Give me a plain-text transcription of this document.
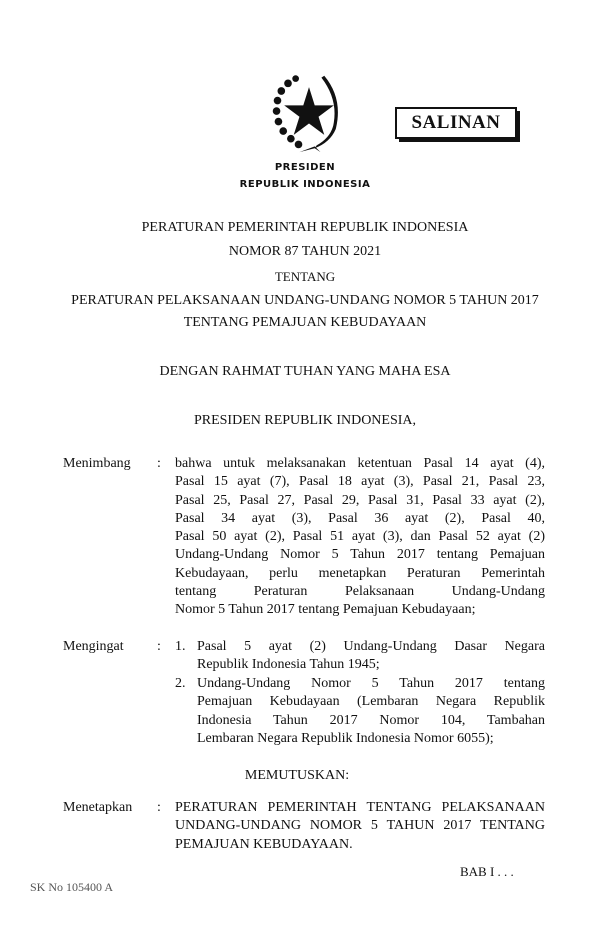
SALINAN
PRESIDEN
REPUBLIK INDONESIA
PERATURAN PEMERINTAH REPUBLIK INDONESIA
NOMOR 87 TAHUN 2021
TENTANG
PERATURAN PELAKSANAAN UNDANG-UNDANG NOMOR 5 TAHUN 2017
TENTANG PEMAJUAN KEBUDAYAAN
DENGAN RAHMAT TUHAN YANG MAHA ESA
PRESIDEN REPUBLIK INDONESIA,
Menimbang : bahwa untuk melaksanakan ketentuan Pasal 14 ayat (4),
Pasal 15 ayat (7), Pasal 18 ayat (3), Pasal 21, Pasal 23,
Pasal 25, Pasal 27, Pasal 29, Pasal 31, Pasal 33 ayat (2),
Pasal 34 ayat (3), Pasal 36 ayat (2), Pasal 40,
Pasal 50 ayat (2), Pasal 51 ayat (3), dan Pasal 52 ayat (2)
Undang-Undang Nomor 5 Tahun 2017 tentang Pemajuan
Kebudayaan, perlu menetapkan Peraturan Pemerintah
tentang Peraturan Pelaksanaan Undang-Undang
Nomor 5 Tahun 2017 tentang Pemajuan Kebudayaan;
Mengingat : 1. Pasal 5 ayat (2) Undang-Undang Dasar Negara
Republik Indonesia Tahun 1945;
2. Undang-Undang Nomor 5 Tahun 2017 tentang
Pemajuan Kebudayaan (Lembaran Negara Republik
Indonesia Tahun 2017 Nomor 104, Tambahan
Lembaran Negara Republik Indonesia Nomor 6055);
MEMUTUSKAN:
Menetapkan : PERATURAN PEMERINTAH TENTANG PELAKSANAAN
UNDANG-UNDANG NOMOR 5 TAHUN 2017 TENTANG
PEMAJUAN KEBUDAYAAN.
BAB I . . .
SK No 105400 A
